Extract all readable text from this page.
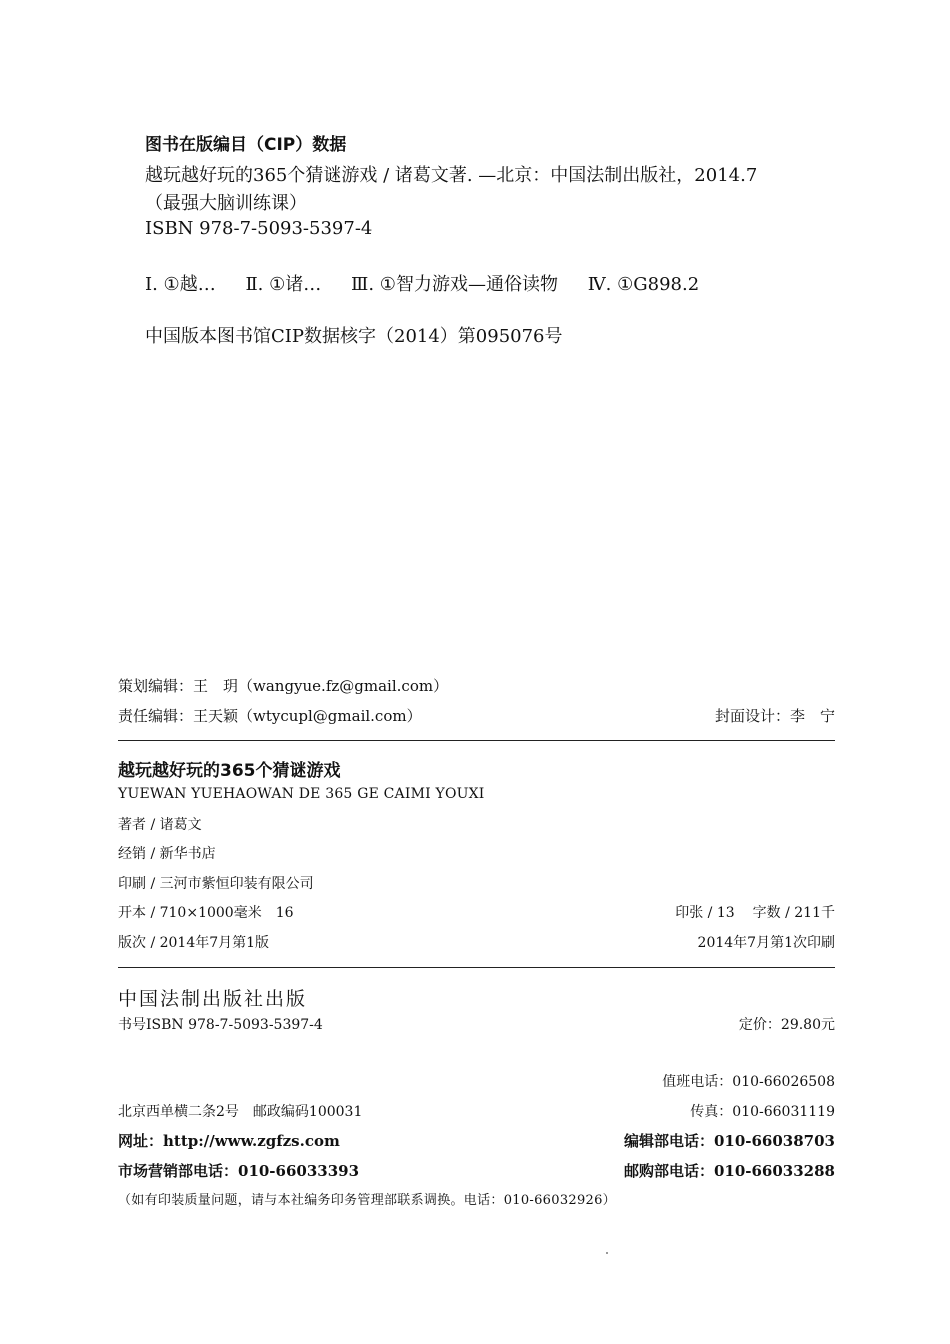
图书在版编目（CIP）数据
越玩越好玩的365个猜谜游戏 / 诸葛文著. —北京：中国法制出版社，2014.7
（最强大脑训练课）
ISBN 978-7-5093-5397-4
Ⅰ. ①越… Ⅱ. ①诸… Ⅲ. ①智力游戏—通俗读物 Ⅳ. ①G898.2
中国版本图书馆CIP数据核字（2014）第095076号
策划编辑：王　玥（wangyue.fz@gmail.com）
责任编辑：王天颖（wtycupl@gmail.com）	封面设计：李　宁
越玩越好玩的365个猜谜游戏
YUEWAN YUEHAOWAN DE 365 GE CAIMI YOUXI
著者 / 诸葛文
经销 / 新华书店
印刷 / 三河市紫恒印装有限公司
开本 / 710×1000毫米　16	印张 / 13 字数 / 211千
版次 / 2014年7月第1版	2014年7月第1次印刷
中国法制出版社出版
书号ISBN 978-7-5093-5397-4	定价：29.80元
值班电话：010-66026508
北京西单横二条2号　邮政编码100031	传真：010-66031119
网址：http://www.zgfzs.com	编辑部电话：010-66038703
市场营销部电话：010-66033393	邮购部电话：010-66033288
（如有印装质量问题，请与本社编务印务管理部联系调换。电话：010-66032926）
